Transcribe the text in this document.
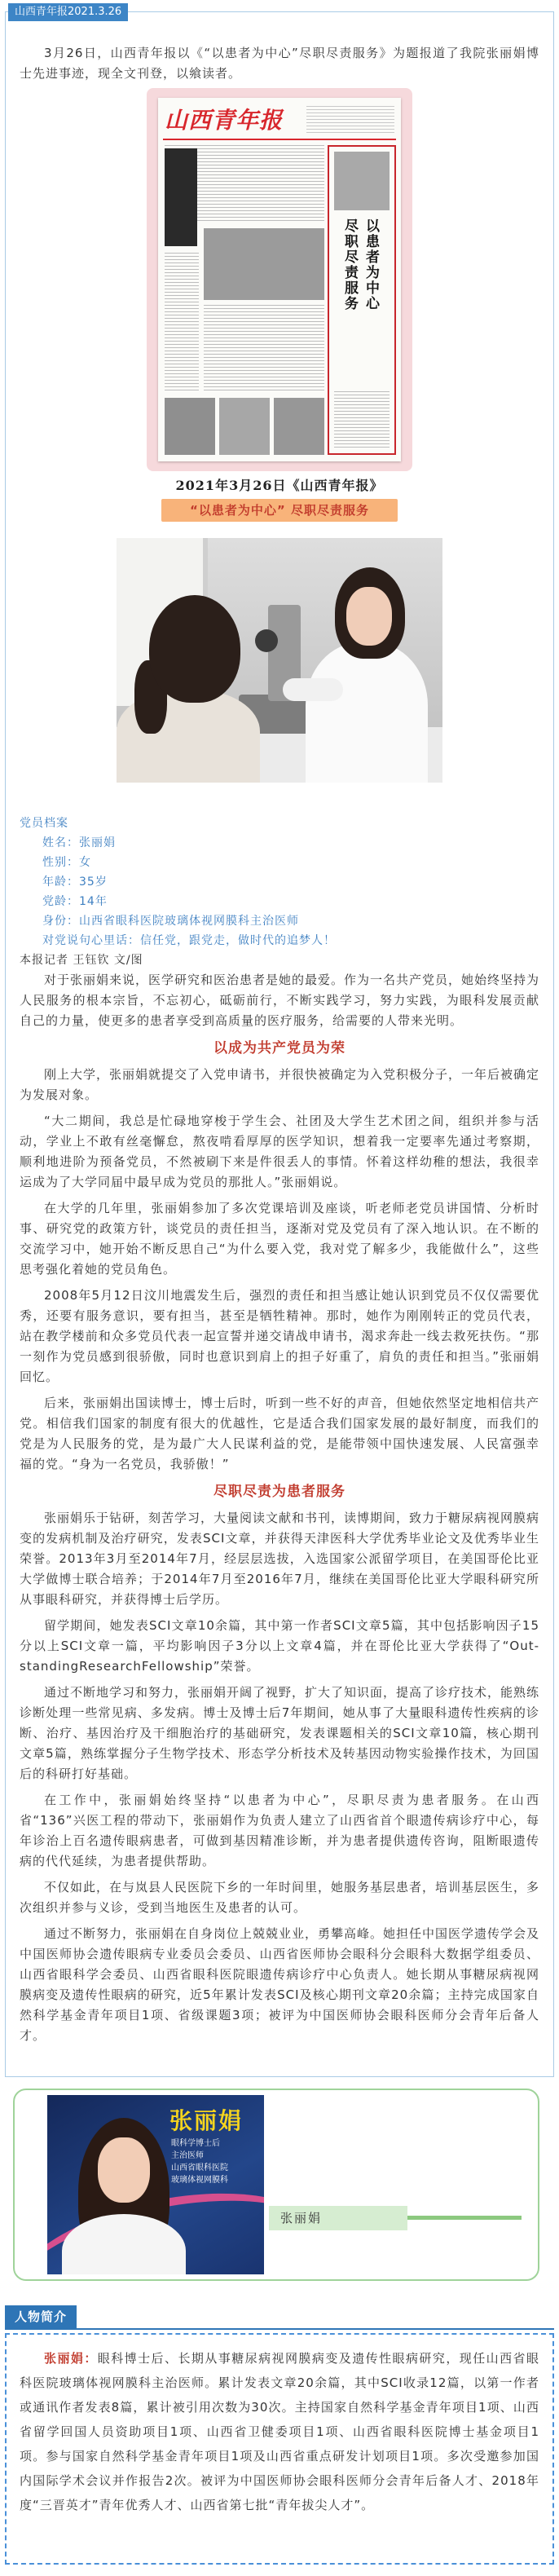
山西青年报2021.3.26

3月26日，山西青年报以《“以患者为中心”尽职尽责服务》为题报道了我院张丽娟博士先进事迹，现全文刊登，以飨读者。

山西青年报
以患者为中心
尽职尽责服务
2021年3月26日《山西青年报》
“以患者为中心” 尽职尽责服务
党员档案
姓名：张丽娟
性别：女
年龄：35岁
党龄：14年
身份：山西省眼科医院玻璃体视网膜科主治医师
对党说句心里话：信任党，跟党走，做时代的追梦人！
本报记者 王钰钦 文/图

对于张丽娟来说，医学研究和医治患者是她的最爱。作为一名共产党员，她始终坚持为人民服务的根本宗旨，不忘初心，砥砺前行，不断实践学习，努力实践，为眼科发展贡献自己的力量，使更多的患者享受到高质量的医疗服务，给需要的人带来光明。

以成为共产党员为荣

刚上大学，张丽娟就提交了入党申请书，并很快被确定为入党积极分子，一年后被确定为发展对象。

“大二期间，我总是忙碌地穿梭于学生会、社团及大学生艺术团之间，组织并参与活动，学业上不敢有丝毫懈怠，熬夜啃看厚厚的医学知识，想着我一定要率先通过考察期，顺利地进阶为预备党员，不然被刷下来是件很丢人的事情。怀着这样幼稚的想法，我很幸运成为了大学同届中最早成为党员的那批人。”张丽娟说。

在大学的几年里，张丽娟参加了多次党课培训及座谈，听老师老党员讲国情、分析时事、研究党的政策方针，谈党员的责任担当，逐渐对党及党员有了深入地认识。在不断的交流学习中，她开始不断反思自己“为什么要入党，我对党了解多少，我能做什么”，这些思考强化着她的党员角色。

2008年5月12日汶川地震发生后，强烈的责任和担当感让她认识到党员不仅仅需要优秀，还要有服务意识，要有担当，甚至是牺牲精神。那时，她作为刚刚转正的党员代表，站在教学楼前和众多党员代表一起宣誓并递交请战申请书，渴求奔赴一线去救死扶伤。“那一刻作为党员感到很骄傲，同时也意识到肩上的担子好重了，肩负的责任和担当。”张丽娟回忆。

后来，张丽娟出国读博士，博士后时，听到一些不好的声音，但她依然坚定地相信共产党。相信我们国家的制度有很大的优越性，它是适合我们国家发展的最好制度，而我们的党是为人民服务的党，是为最广大人民谋利益的党，是能带领中国快速发展、人民富强幸福的党。“身为一名党员，我骄傲！”

尽职尽责为患者服务

张丽娟乐于钻研，刻苦学习，大量阅读文献和书刊，读博期间，致力于糖尿病视网膜病变的发病机制及治疗研究，发表SCI文章，并获得天津医科大学优秀毕业论文及优秀毕业生荣誉。2013年3月至2014年7月，经层层选拔，入选国家公派留学项目，在美国哥伦比亚大学做博士联合培养；于2014年7月至2016年7月，继续在美国哥伦比亚大学眼科研究所从事眼科研究，并获得博士后学历。

留学期间，她发表SCI文章10余篇，其中第一作者SCI文章5篇，其中包括影响因子15分以上SCI文章一篇，平均影响因子3分以上文章4篇，并在哥伦比亚大学获得了“Out-standingResearchFellowship”荣誉。

通过不断地学习和努力，张丽娟开阔了视野，扩大了知识面，提高了诊疗技术，能熟练诊断处理一些常见病、多发病。博士及博士后7年期间，她从事了大量眼科遗传性疾病的诊断、治疗、基因治疗及干细胞治疗的基础研究，发表课题相关的SCI文章10篇，核心期刊文章5篇，熟练掌握分子生物学技术、形态学分析技术及转基因动物实验操作技术，为回国后的科研打好基础。

在工作中，张丽娟始终坚持“以患者为中心”，尽职尽责为患者服务。在山西省“136”兴医工程的带动下，张丽娟作为负责人建立了山西省首个眼遗传病诊疗中心，每年诊治上百名遗传眼病患者，可做到基因精准诊断，并为患者提供遗传咨询，阻断眼遗传病的代代延续，为患者提供帮助。

不仅如此，在与岚县人民医院下乡的一年时间里，她服务基层患者，培训基层医生，多次组织并参与义诊，受到当地医生及患者的认可。

通过不断努力，张丽娟在自身岗位上兢兢业业，勇攀高峰。她担任中国医学遗传学会及中国医师协会遗传眼病专业委员会委员、山西省医师协会眼科分会眼科大数据学组委员、山西省眼科学会委员、山西省眼科医院眼遗传病诊疗中心负责人。她长期从事糖尿病视网膜病变及遗传性眼病的研究，近5年累计发表SCI及核心期刊文章20余篇；主持完成国家自然科学基金青年项目1项、省级课题3项；被评为中国医师协会眼科医师分会青年后备人才。

张丽娟
眼科学博士后
主治医师
山西省眼科医院
玻璃体视网膜科
张丽娟
人物简介
张丽娟：眼科博士后、长期从事糖尿病视网膜病变及遗传性眼病研究，现任山西省眼科医院玻璃体视网膜科主治医师。累计发表文章20余篇，其中SCI收录12篇，以第一作者或通讯作者发表8篇，累计被引用次数为30次。主持国家自然科学基金青年项目1项、山西省留学回国人员资助项目1项、山西省卫健委项目1项、山西省眼科医院博士基金项目1项。参与国家自然科学基金青年项目1项及山西省重点研发计划项目1项。多次受邀参加国内国际学术会议并作报告2次。被评为中国医师协会眼科医师分会青年后备人才、2018年度“三晋英才”青年优秀人才、山西省第七批“青年拔尖人才”。
